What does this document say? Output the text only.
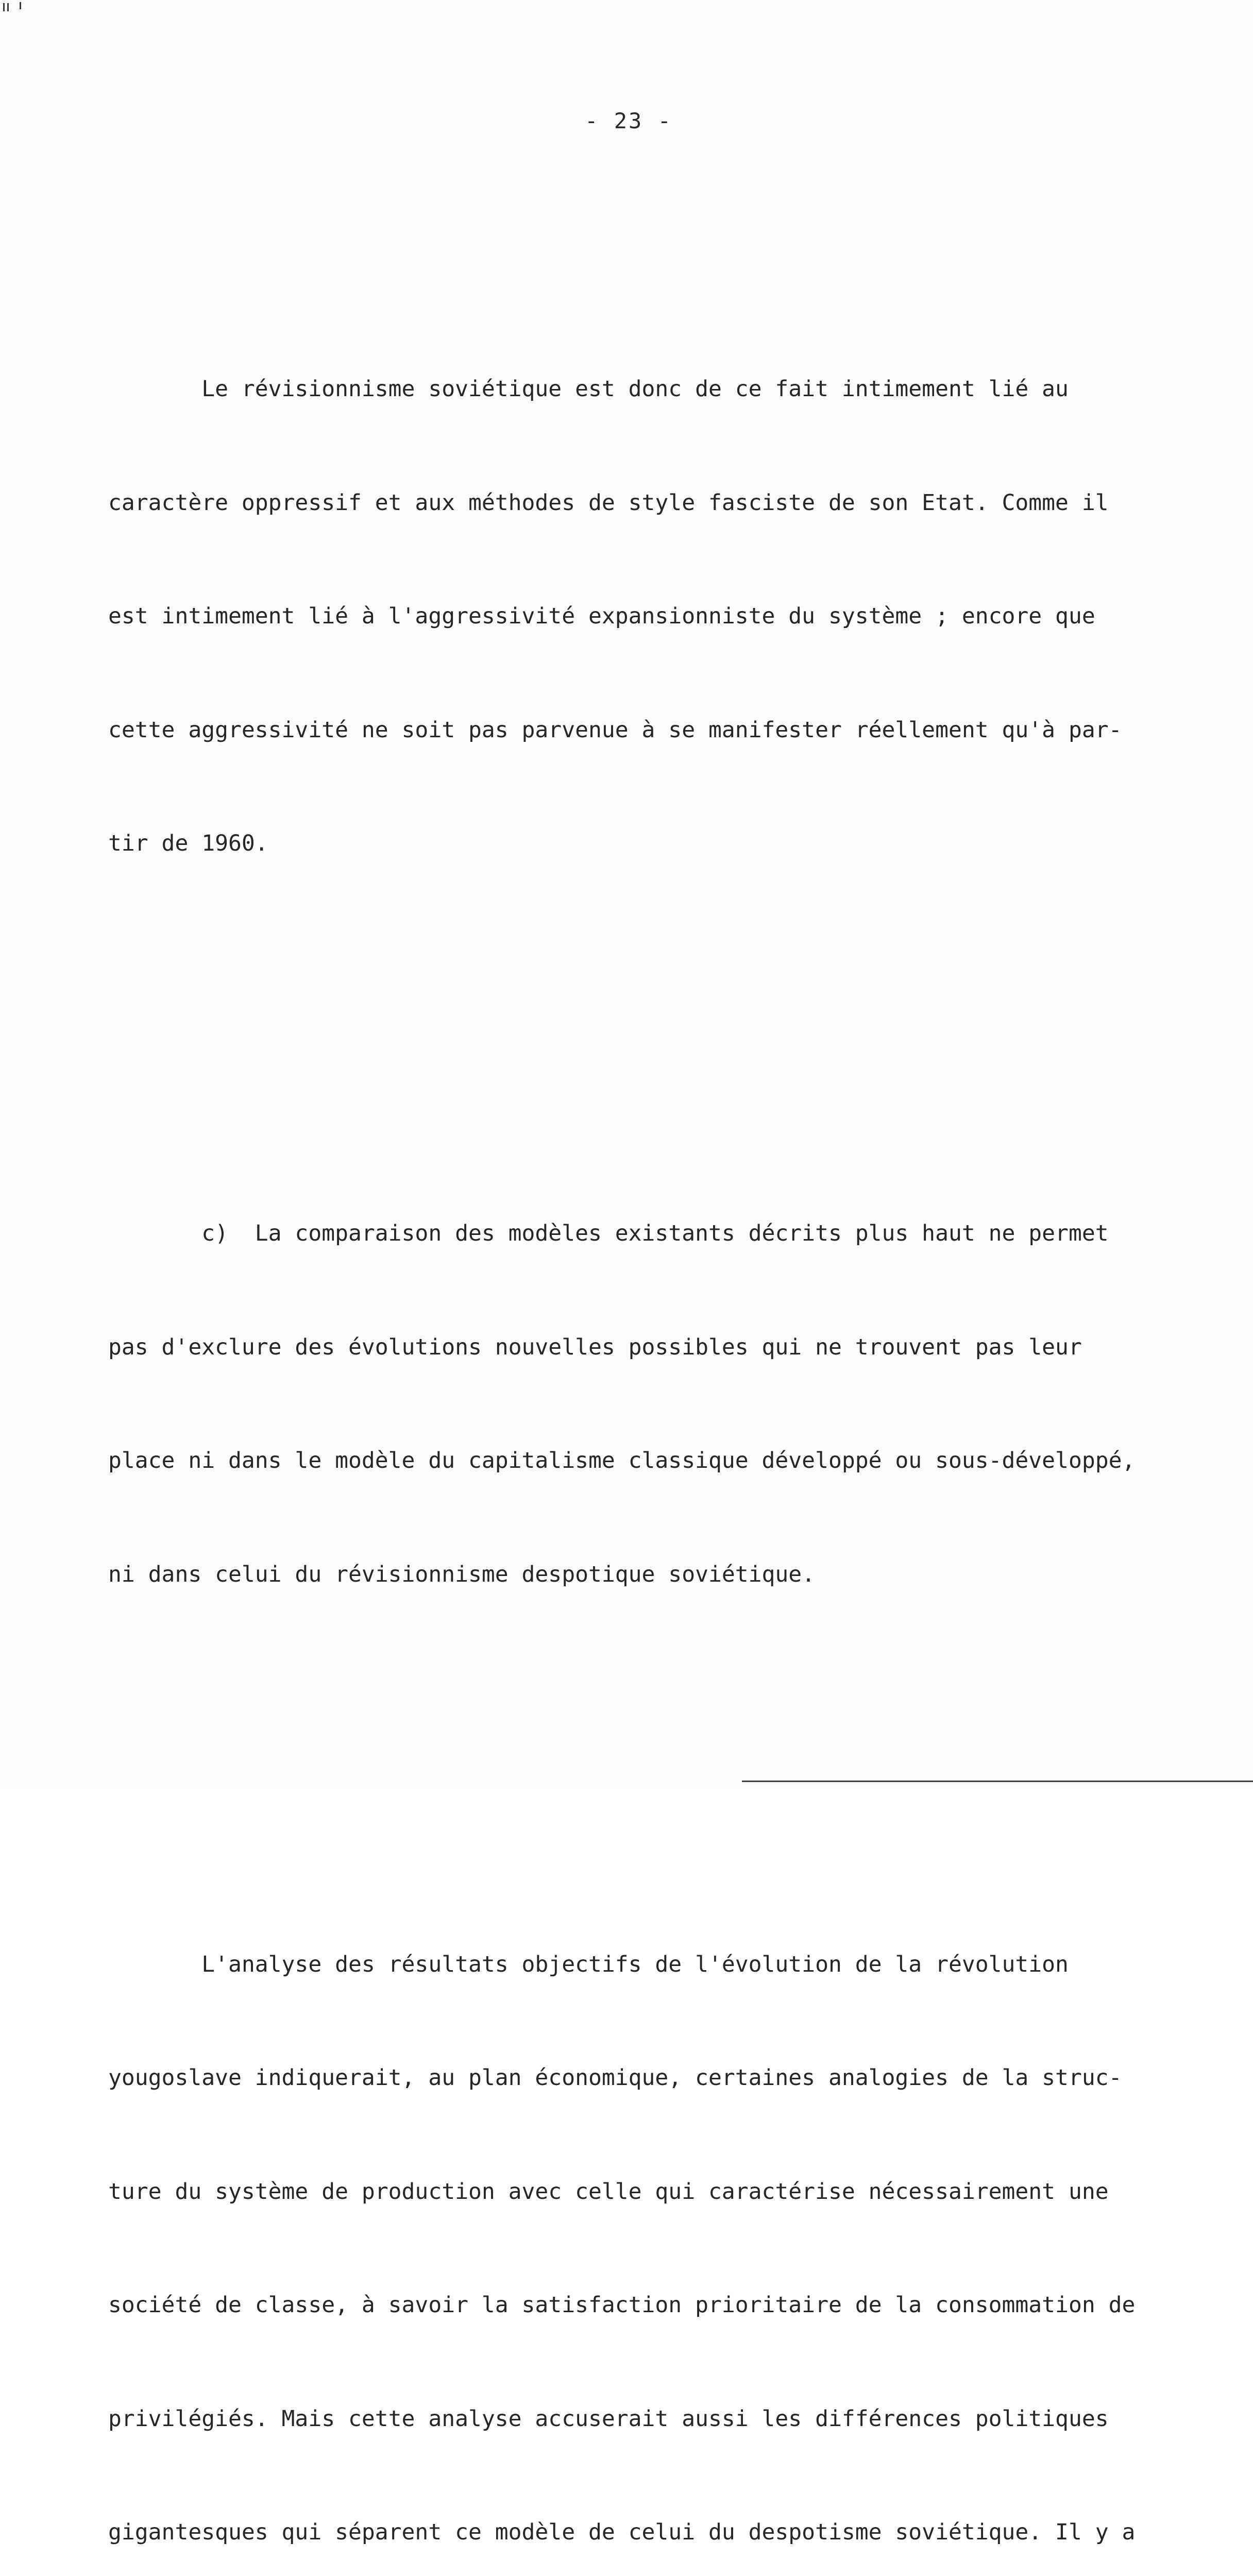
- 23 -

Le révisionnisme soviétique est donc de ce fait intimement lié au

caractère oppressif et aux méthodes de style fasciste de son Etat. Comme il

est intimement lié à l'aggressivité expansionniste du système ; encore que

cette aggressivité ne soit pas parvenue à se manifester réellement qu'à par-

tir de 1960.

c)  La comparaison des modèles existants décrits plus haut ne permet

pas d'exclure des évolutions nouvelles possibles qui ne trouvent pas leur

place ni dans le modèle du capitalisme classique développé ou sous-développé,

ni dans celui du révisionnisme despotique soviétique.

L'analyse des résultats objectifs de l'évolution de la révolution

yougoslave indiquerait, au plan économique, certaines analogies de la struc-

ture du système de production avec celle qui caractérise nécessairement une

société de classe, à savoir la satisfaction prioritaire de la consommation de

privilégiés. Mais cette analyse accuserait aussi les différences politiques

gigantesques qui séparent ce modèle de celui du despotisme soviétique. Il y a
